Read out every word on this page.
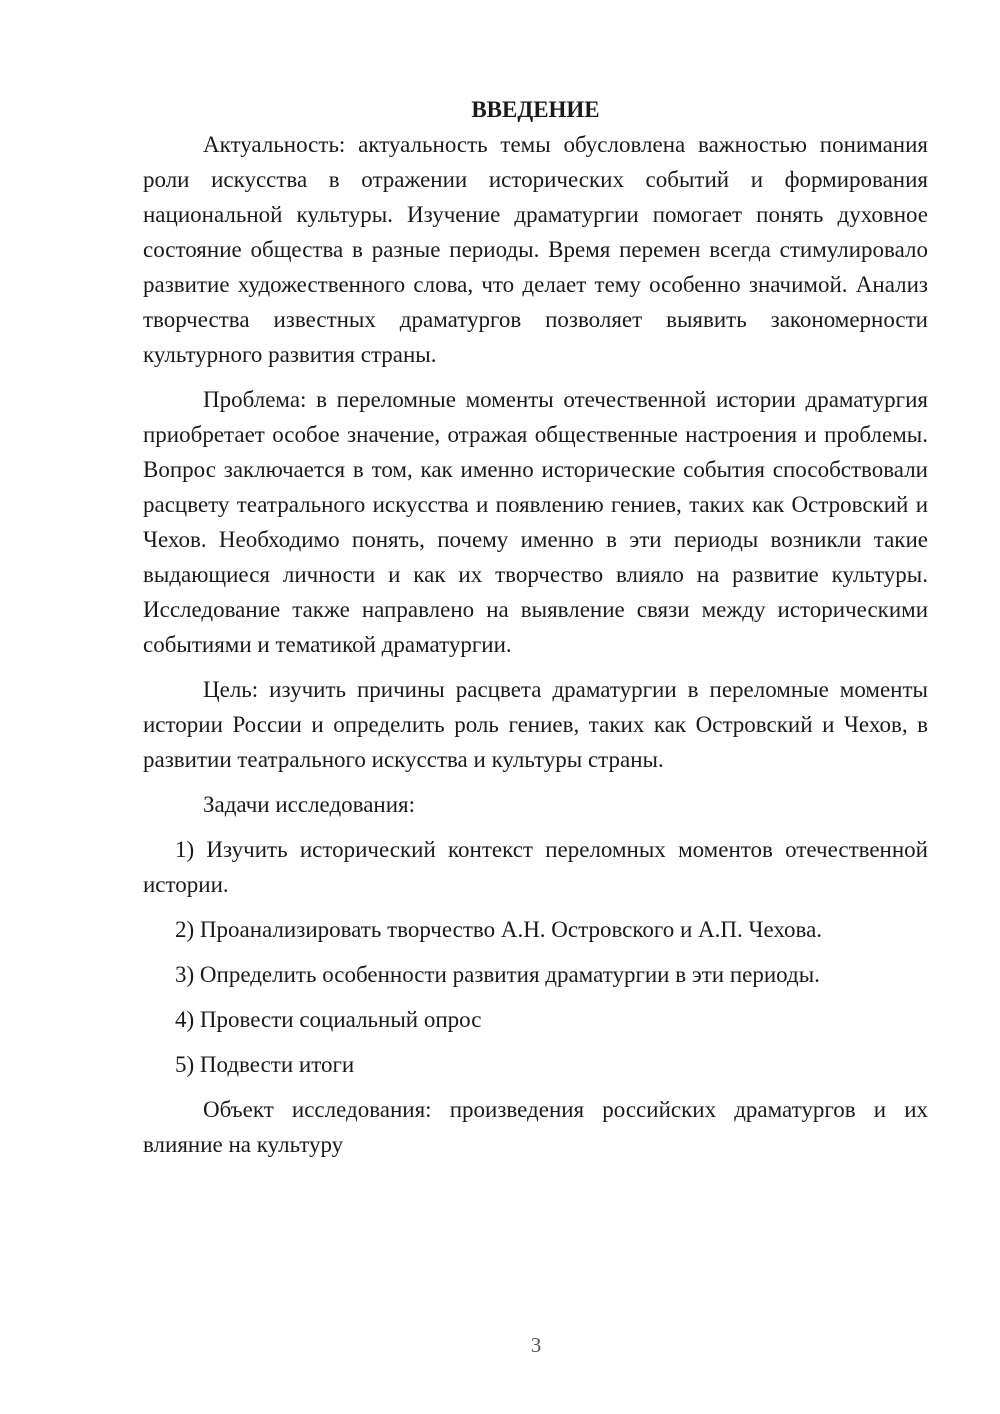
ВВЕДЕНИЕ

Актуальность: актуальность темы обусловлена важностью понимания роли искусства в отражении исторических событий и формирования национальной культуры. Изучение драматургии помогает понять духовное состояние общества в разные периоды. Время перемен всегда стимулировало развитие художественного слова, что делает тему особенно значимой. Анализ творчества известных драматургов позволяет выявить закономерности культурного развития страны.

Проблема: в переломные моменты отечественной истории драматургия приобретает особое значение, отражая общественные настроения и проблемы. Вопрос заключается в том, как именно исторические события способствовали расцвету театрального искусства и появлению гениев, таких как Островский и Чехов. Необходимо понять, почему именно в эти периоды возникли такие выдающиеся личности и как их творчество влияло на развитие культуры. Исследование также направлено на выявление связи между историческими событиями и тематикой драматургии.

Цель: изучить причины расцвета драматургии в переломные моменты истории России и определить роль гениев, таких как Островский и Чехов, в развитии театрального искусства и культуры страны.

Задачи исследования:

1) Изучить исторический контекст переломных моментов отечественной истории.

2) Проанализировать творчество А.Н. Островского и А.П. Чехова.

3) Определить особенности развития драматургии в эти периоды.

4) Провести социальный опрос

5) Подвести итоги

Объект исследования: произведения российских драматургов и их влияние на культуру

3
